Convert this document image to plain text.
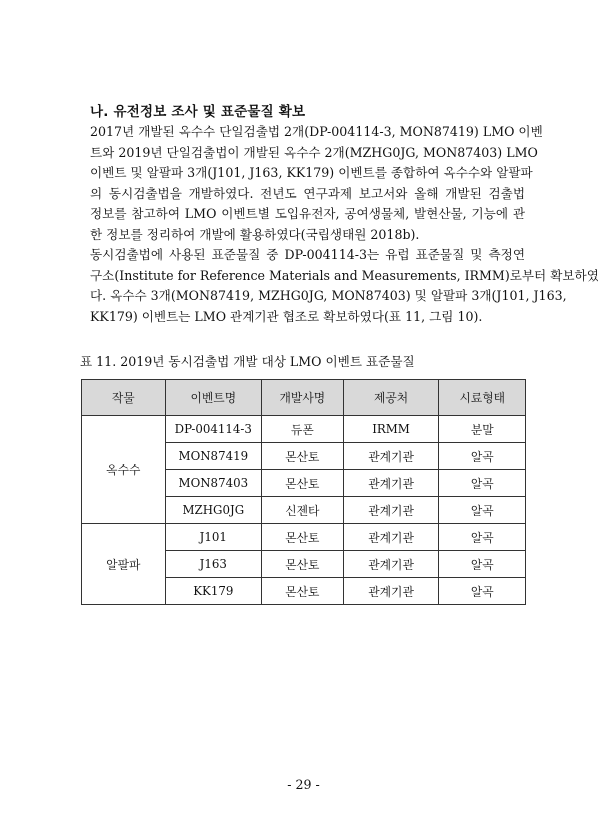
나. 유전정보 조사 및 표준물질 확보
2017년 개발된 옥수수 단일검출법 2개(DP-004114-3, MON87419) LMO 이벤
트와 2019년 단일검출법이 개발된 옥수수 2개(MZHG0JG, MON87403) LMO
이벤트 및 알팔파 3개(J101, J163, KK179) 이벤트를 종합하여 옥수수와 알팔파
의 동시검출법을 개발하였다. 전년도 연구과제 보고서와 올해 개발된 검출법
정보를 참고하여 LMO 이벤트별 도입유전자, 공여생물체, 발현산물, 기능에 관
한 정보를 정리하여 개발에 활용하였다(국립생태원 2018b).
동시검출법에 사용된 표준물질 중 DP-004114-3는 유럽 표준물질 및 측정연
구소(Institute for Reference Materials and Measurements, IRMM)로부터 확보하였
다. 옥수수 3개(MON87419, MZHG0JG, MON87403) 및 알팔파 3개(J101, J163,
KK179) 이벤트는 LMO 관계기관 협조로 확보하였다(표 11, 그림 10).
표 11. 2019년 동시검출법 개발 대상 LMO 이벤트 표준물질
작물	이벤트명	개발사명	제공처	시료형태
옥수수	DP-004114-3	듀폰	IRMM	분말
	MON87419	몬산토	관계기관	알곡
	MON87403	몬산토	관계기관	알곡
	MZHG0JG	신젠타	관계기관	알곡
알팔파	J101	몬산토	관계기관	알곡
	J163	몬산토	관계기관	알곡
	KK179	몬산토	관계기관	알곡
- 29 -
